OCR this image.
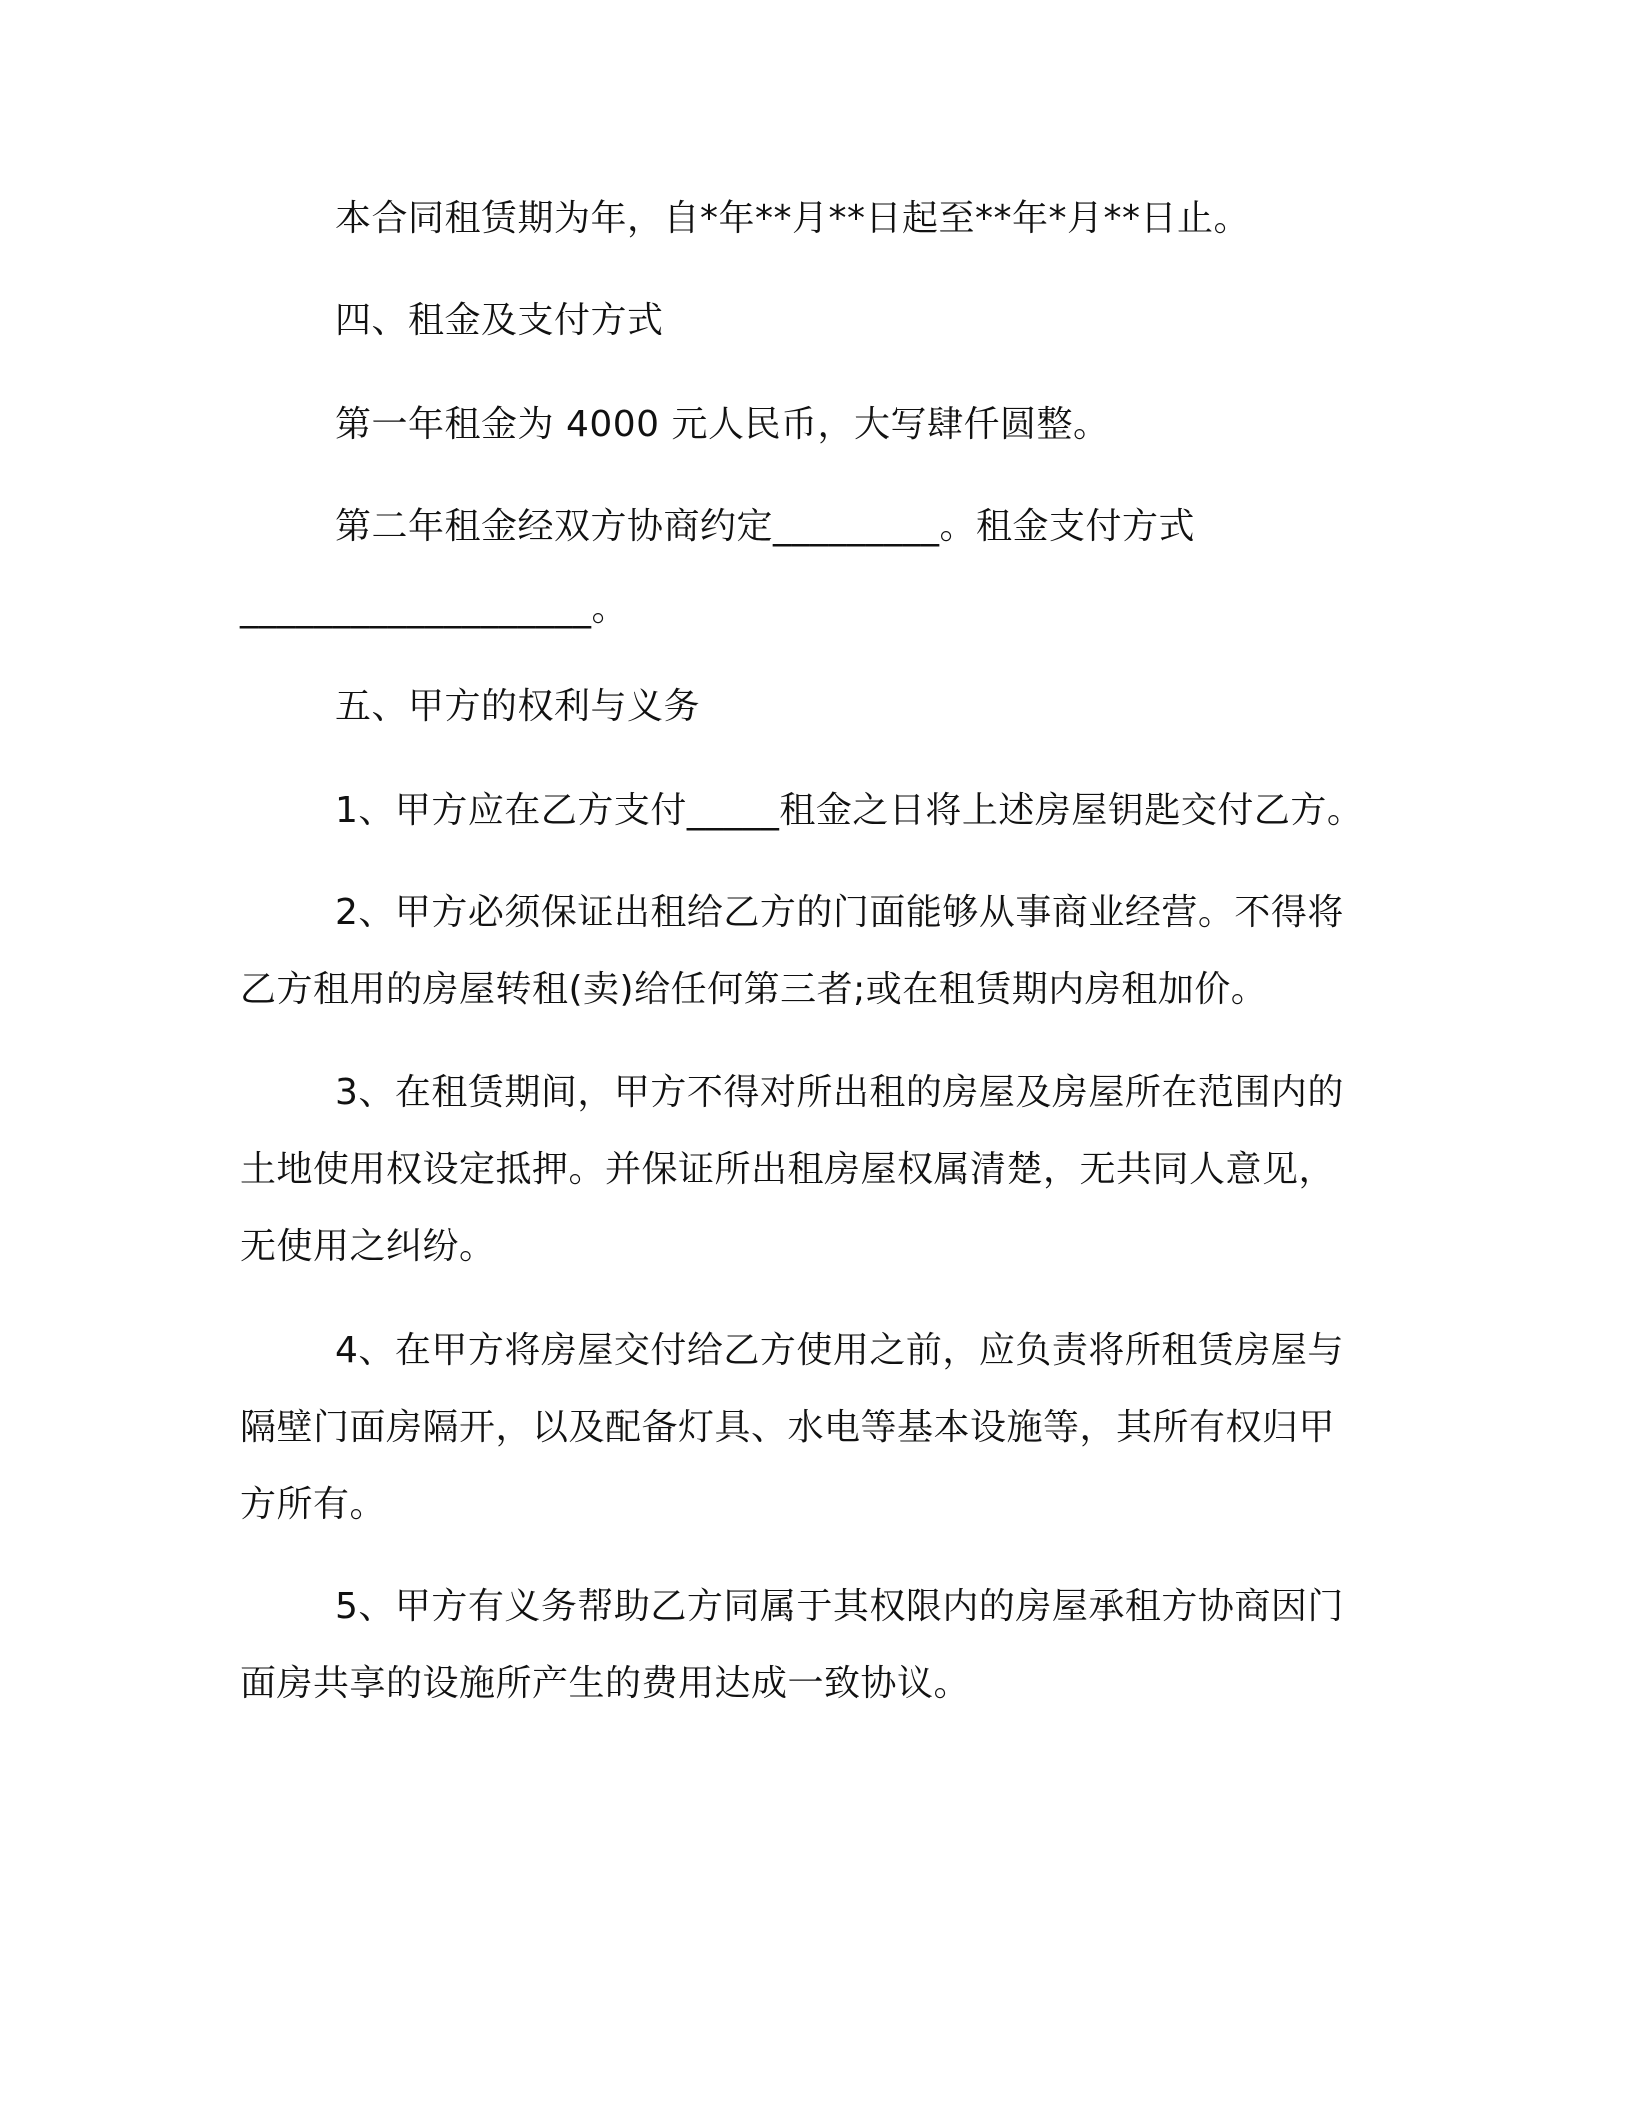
本合同租赁期为年，自*年**月**日起至**年*月**日止。

四、租金及支付方式

第一年租金为 4000 元人民币，大写肆仟圆整。

第二年租金经双方协商约定_________。租金支付方式
___________________。

五、甲方的权利与义务

1、甲方应在乙方支付_____租金之日将上述房屋钥匙交付乙方。

2、甲方必须保证出租给乙方的门面能够从事商业经营。不得将
乙方租用的房屋转租(卖)给任何第三者;或在租赁期内房租加价。

3、在租赁期间，甲方不得对所出租的房屋及房屋所在范围内的
土地使用权设定抵押。并保证所出租房屋权属清楚，无共同人意见，
无使用之纠纷。

4、在甲方将房屋交付给乙方使用之前，应负责将所租赁房屋与
隔壁门面房隔开，以及配备灯具、水电等基本设施等，其所有权归甲
方所有。

5、甲方有义务帮助乙方同属于其权限内的房屋承租方协商因门
面房共享的设施所产生的费用达成一致协议。
